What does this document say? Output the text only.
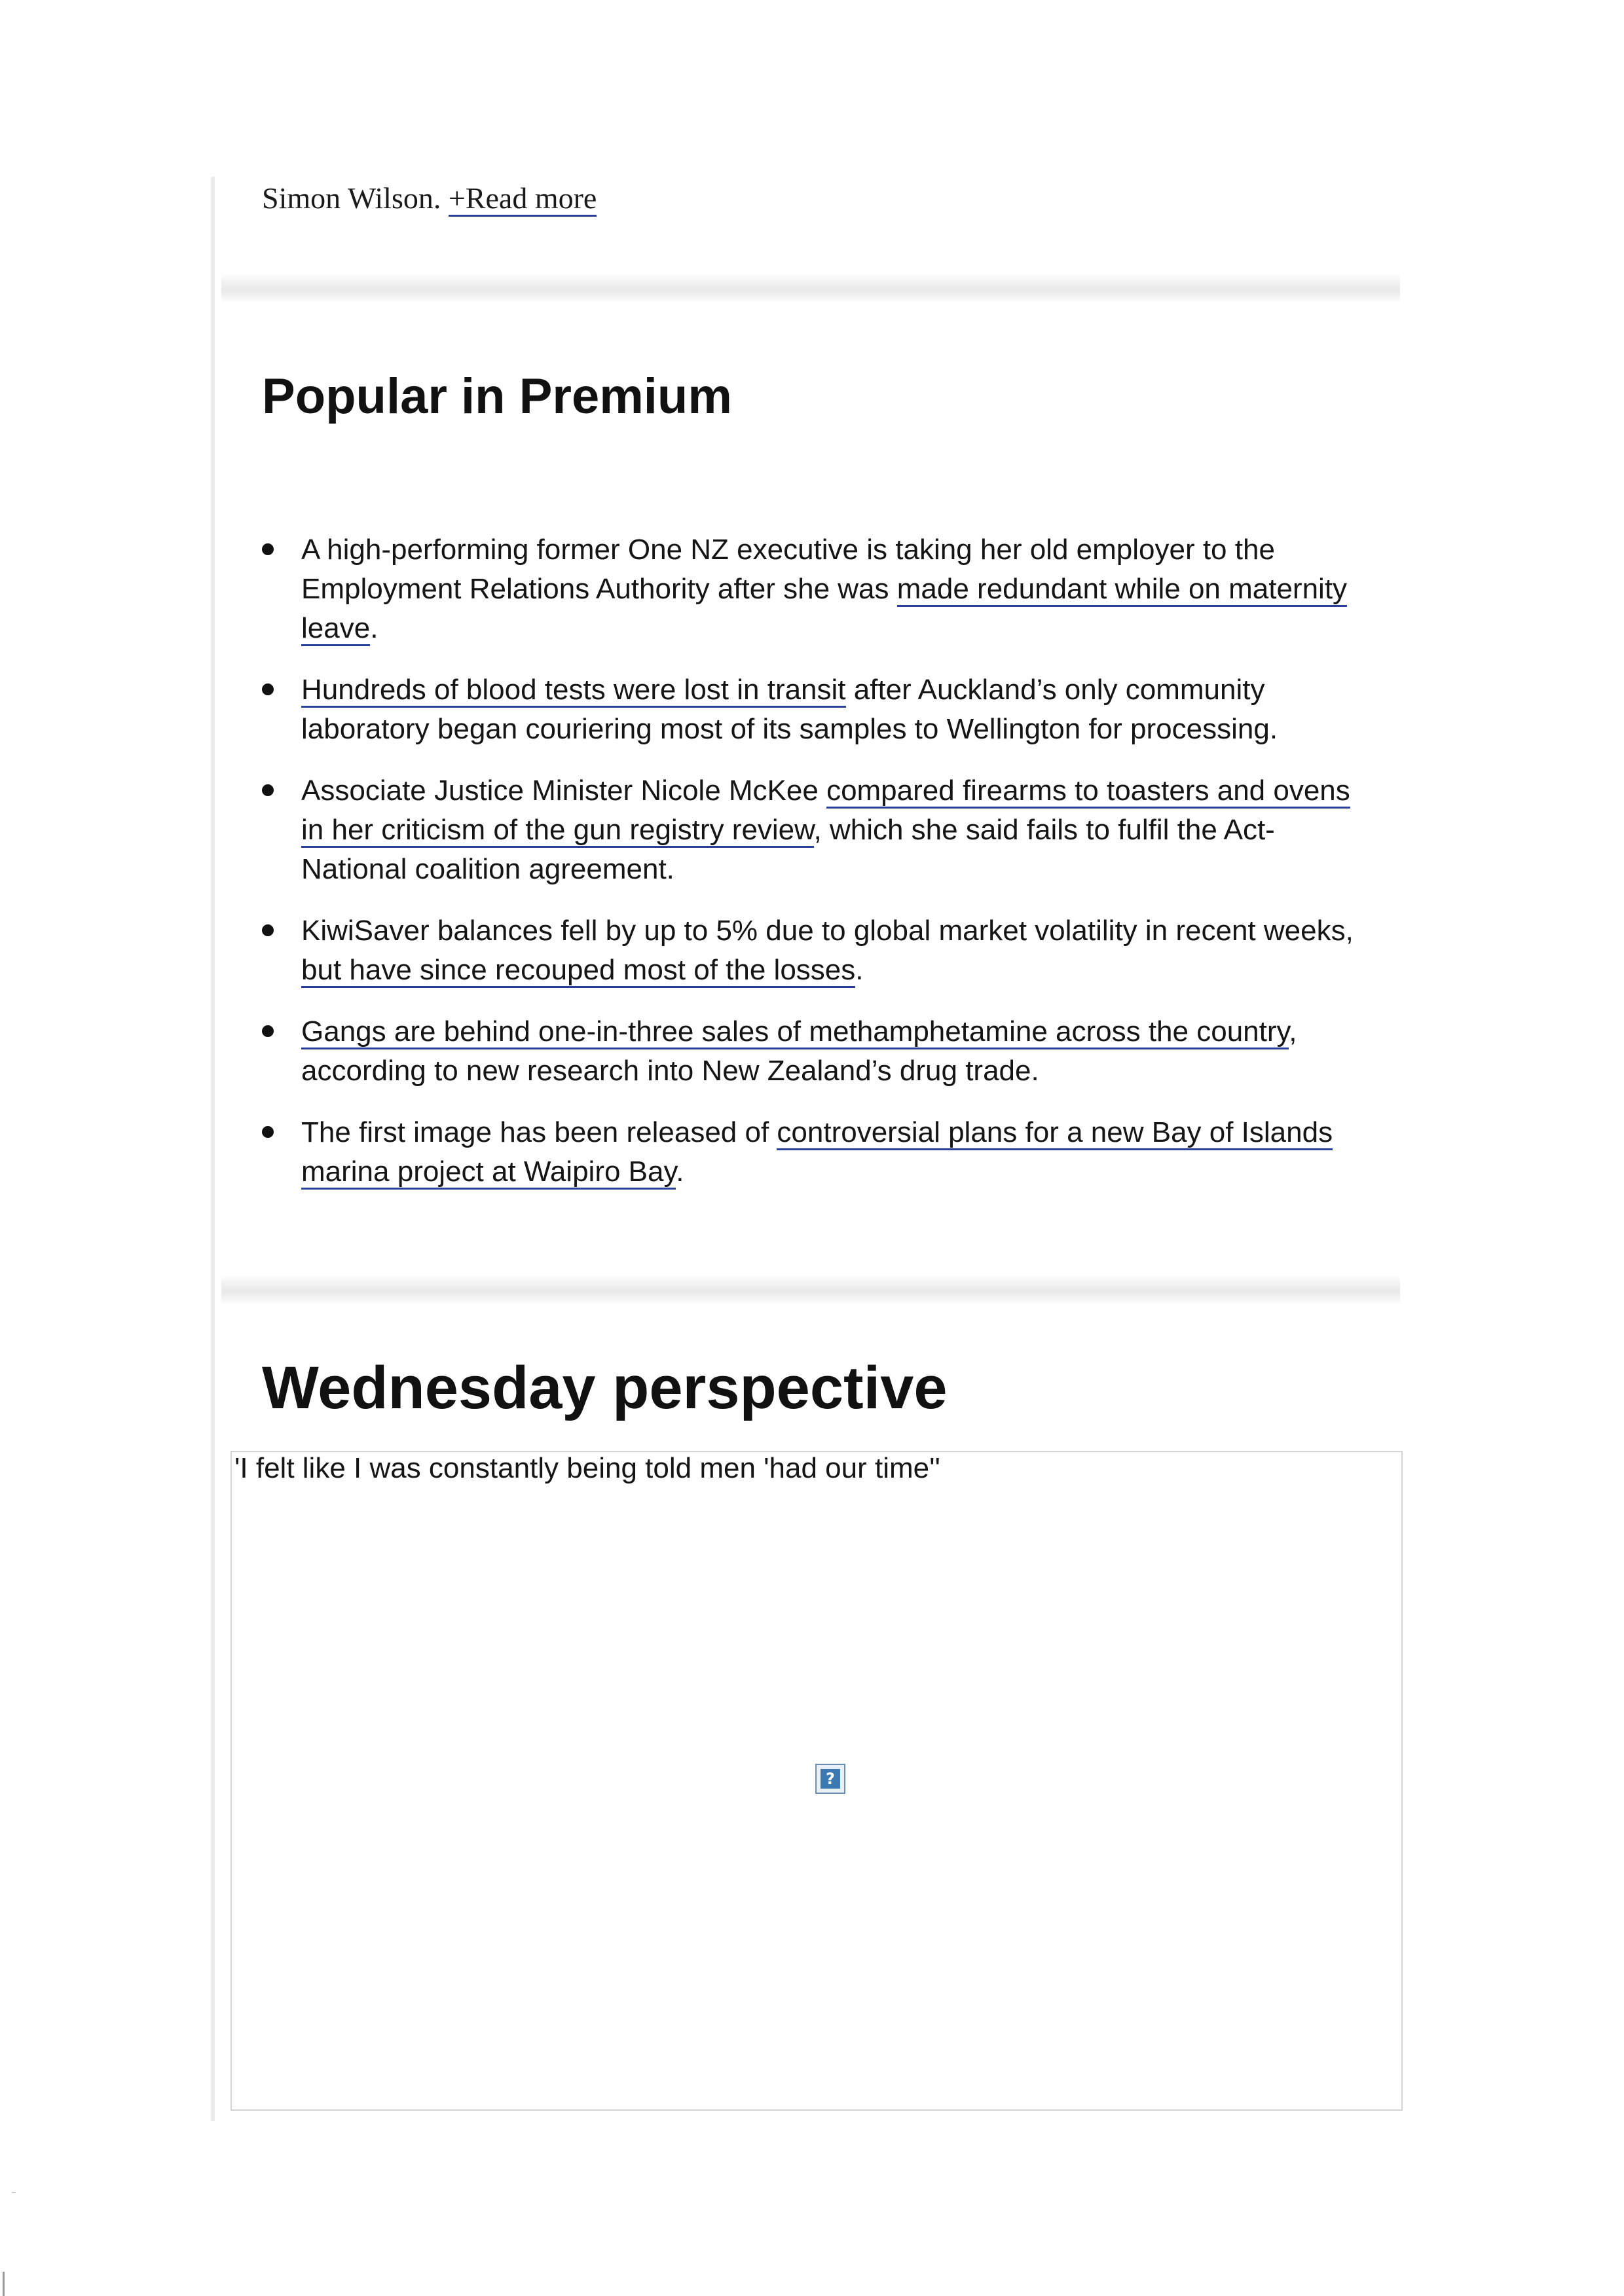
Simon Wilson. +Read more
Popular in Premium
A high-performing former One NZ executive is taking her old employer to the Employment Relations Authority after she was made redundant while on maternity leave.
Hundreds of blood tests were lost in transit after Auckland’s only community laboratory began couriering most of its samples to Wellington for processing.
Associate Justice Minister Nicole McKee compared firearms to toasters and ovens in her criticism of the gun registry review, which she said fails to fulfil the Act-National coalition agreement.
KiwiSaver balances fell by up to 5% due to global market volatility in recent weeks, but have since recouped most of the losses.
Gangs are behind one-in-three sales of methamphetamine across the country, according to new research into New Zealand’s drug trade.
The first image has been released of controversial plans for a new Bay of Islands marina project at Waipiro Bay.
Wednesday perspective
'I felt like I was constantly being told men 'had our time''
?
